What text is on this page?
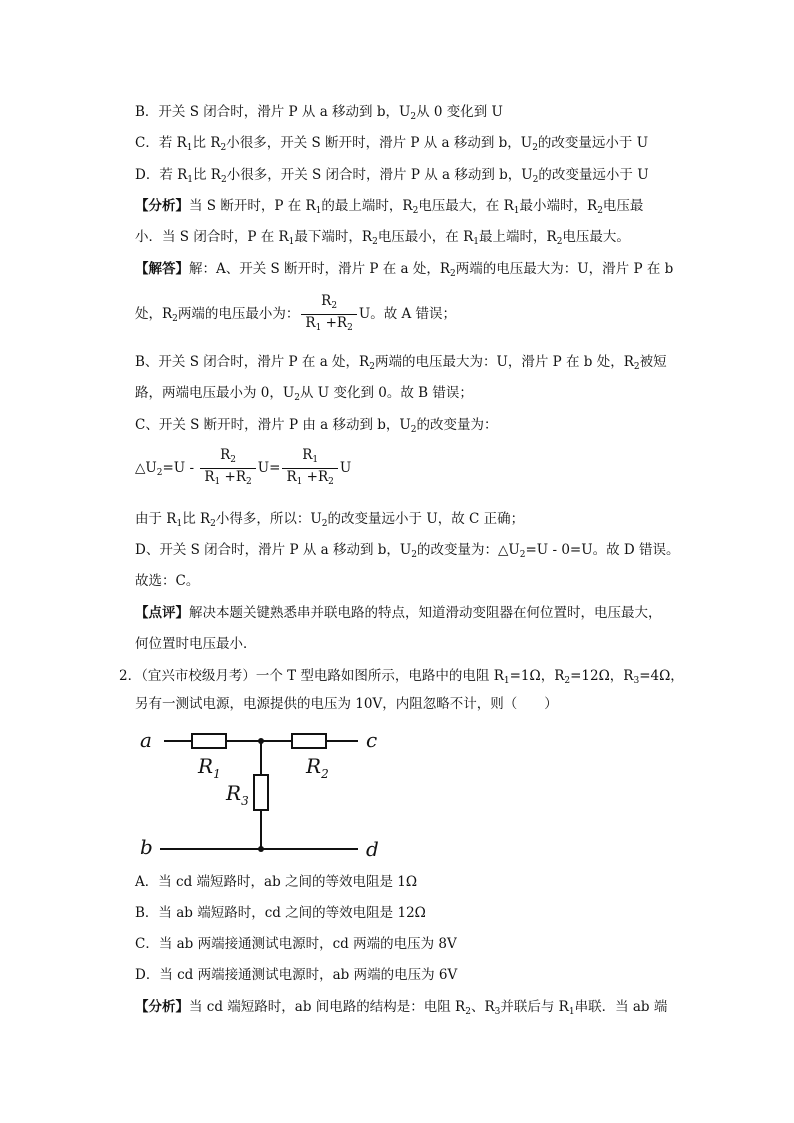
B．开关 S 闭合时，滑片 P 从 a 移动到 b，$U_2$从 0 变化到 U
C．若 $R_1$比 $R_2$小很多，开关 S 断开时，滑片 P 从 a 移动到 b，$U_2$的改变量远小于 U
D．若 $R_1$比 $R_2$小很多，开关 S 闭合时，滑片 P 从 a 移动到 b，$U_2$的改变量远小于 U
【分析】当 S 断开时，P 在 $R_1$的最上端时，$R_2$电压最大，在 $R_1$最小端时，$R_2$电压最
小．当 S 闭合时，P 在 $R_1$最下端时，$R_2$电压最小，在 $R_1$最上端时，$R_2$电压最大。
【解答】解：A、开关 S 断开时，滑片 P 在 a 处，$R_2$两端的电压最大为：U，滑片 P 在 b
处，$R_2$两端的电压最小为： $\frac{R_2}{R_1 +R_2}$ U。故 A 错误；
B、开关 S 闭合时，滑片 P 在 a 处，$R_2$两端的电压最大为：U，滑片 P 在 b 处，$R_2$被短
路，两端电压最小为 0，$U_2$从 U 变化到 0。故 B 错误；
C、开关 S 断开时，滑片 P 由 a 移动到 b，$U_2$的改变量为：
$\triangle U_2=U - \frac{R_2}{R_1 +R_2} U= \frac{R_1}{R_1 +R_2}$ U
由于 $R_1$比 $R_2$小得多，所以：$U_2$的改变量远小于 U，故 C 正确；
D、开关 S 闭合时，滑片 P 从 a 移动到 b，$U_2$的改变量为：$\triangle U_2=U - 0=U$。故 D 错误。
故选：C。
【点评】解决本题关键熟悉串并联电路的特点，知道滑动变阻器在何位置时，电压最大，
何位置时电压最小．
2．（宜兴市校级月考）一个 T 型电路如图所示，电路中的电阻 $R_1=1\Omega$，$R_2=12\Omega$，$R_3=4\Omega$，
另有一测试电源，电源提供的电压为 10V，内阻忽略不计，则（　　）
a
b
c
d
$R_1$	$R_2$
$R_3$
A．当 cd 端短路时，ab 之间的等效电阻是 1Ω
B．当 ab 端短路时，cd 之间的等效电阻是 12Ω
C．当 ab 两端接通测试电源时，cd 两端的电压为 8V
D．当 cd 两端接通测试电源时，ab 两端的电压为 6V
【分析】当 cd 端短路时，ab 间电路的结构是：电阻 $R_2$、$R_3$并联后与 $R_1$串联．当 ab 端
